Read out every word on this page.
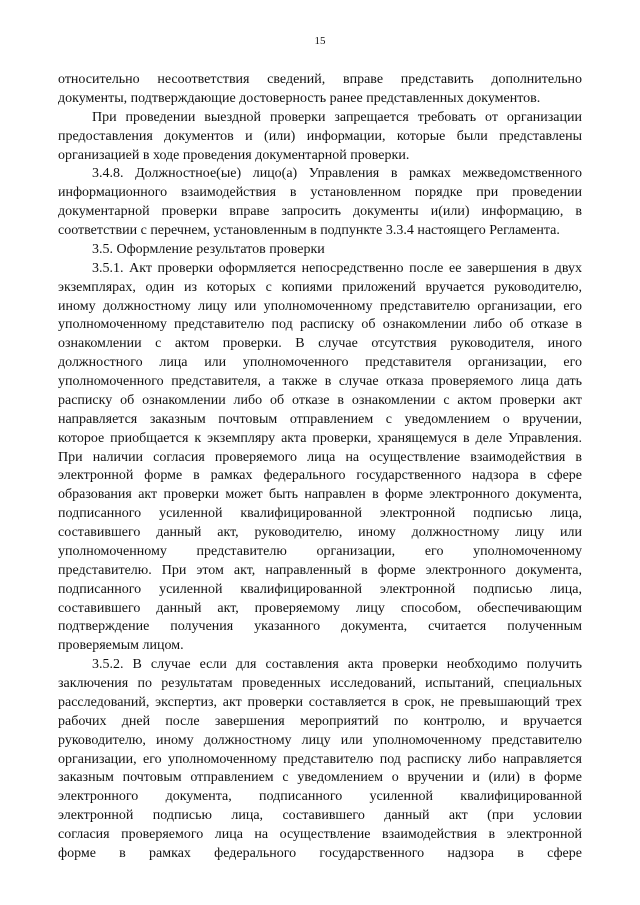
15
относительно несоответствия сведений, вправе представить дополнительно
документы, подтверждающие достоверность ранее представленных документов.
При проведении выездной проверки запрещается требовать от организации
предоставления документов и (или) информации, которые были представлены
организацией в ходе проведения документарной проверки.
3.4.8. Должностное(ые) лицо(а) Управления в рамках межведомственного
информационного взаимодействия в установленном порядке при проведении
документарной проверки вправе запросить документы и(или) информацию, в
соответствии с перечнем, установленным в подпункте 3.3.4 настоящего Регламента.
3.5. Оформление результатов проверки
3.5.1. Акт проверки оформляется непосредственно после ее завершения в двух
экземплярах, один из которых с копиями приложений вручается руководителю,
иному должностному лицу или уполномоченному представителю организации, его
уполномоченному представителю под расписку об ознакомлении либо об отказе в
ознакомлении с актом проверки. В случае отсутствия руководителя, иного
должностного лица или уполномоченного представителя организации, его
уполномоченного представителя, а также в случае отказа проверяемого лица дать
расписку об ознакомлении либо об отказе в ознакомлении с актом проверки акт
направляется заказным почтовым отправлением с уведомлением о вручении,
которое приобщается к экземпляру акта проверки, хранящемуся в деле Управления.
При наличии согласия проверяемого лица на осуществление взаимодействия в
электронной форме в рамках федерального государственного надзора в сфере
образования акт проверки может быть направлен в форме электронного документа,
подписанного усиленной квалифицированной электронной подписью лица,
составившего данный акт, руководителю, иному должностному лицу или
уполномоченному представителю организации, его уполномоченному
представителю. При этом акт, направленный в форме электронного документа,
подписанного усиленной квалифицированной электронной подписью лица,
составившего данный акт, проверяемому лицу способом, обеспечивающим
подтверждение получения указанного документа, считается полученным
проверяемым лицом.
3.5.2. В случае если для составления акта проверки необходимо получить
заключения по результатам проведенных исследований, испытаний, специальных
расследований, экспертиз, акт проверки составляется в срок, не превышающий трех
рабочих дней после завершения мероприятий по контролю, и вручается
руководителю, иному должностному лицу или уполномоченному представителю
организации, его уполномоченному представителю под расписку либо направляется
заказным почтовым отправлением с уведомлением о вручении и (или) в форме
электронного документа, подписанного усиленной квалифицированной
электронной подписью лица, составившего данный акт (при условии
согласия проверяемого лица на осуществление взаимодействия в электронной
форме в рамках федерального государственного надзора в сфере
